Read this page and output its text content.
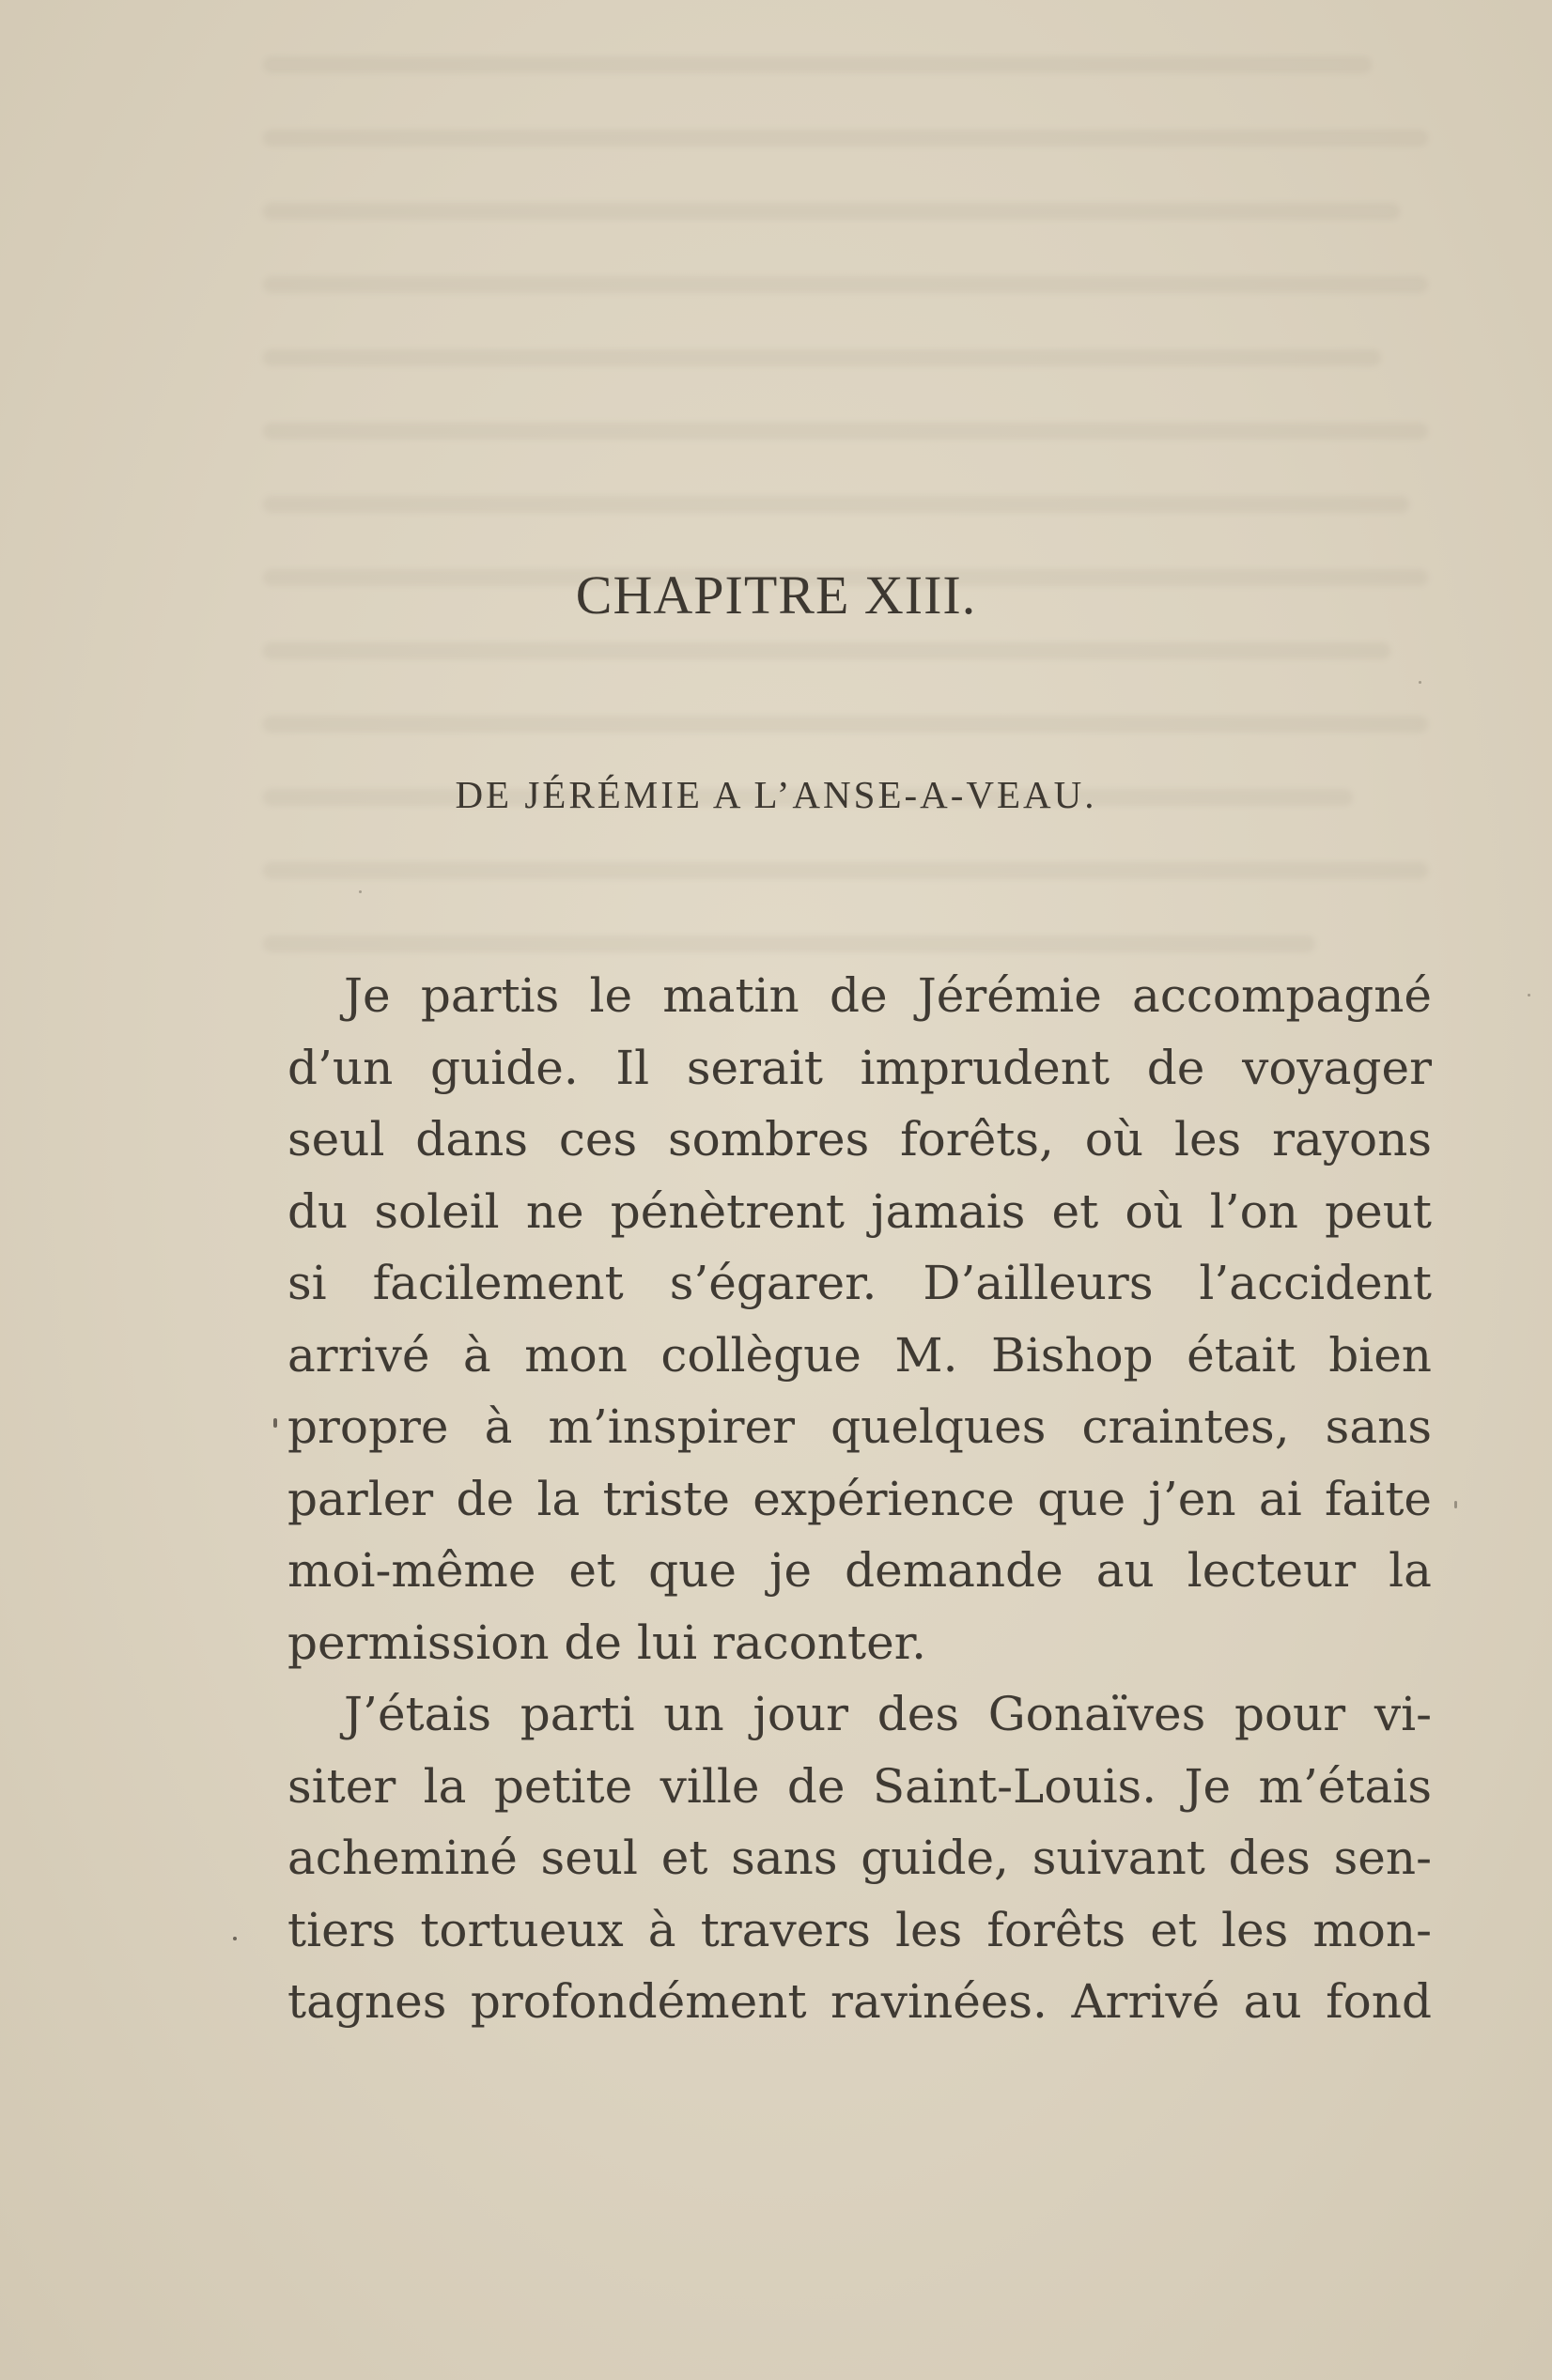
CHAPITRE XIII.
DE JÉRÉMIE A L’ANSE-A-VEAU.
Je partis le matin de Jérémie accompagné
d’un guide. Il serait imprudent de voyager
seul dans ces sombres forêts, où les rayons
du soleil ne pénètrent jamais et où l’on peut
si facilement s’égarer. D’ailleurs l’accident
arrivé à mon collègue M. Bishop était bien
propre à m’inspirer quelques craintes, sans
parler de la triste expérience que j’en ai faite
moi-même et que je demande au lecteur la
permission de lui raconter.
J’étais parti un jour des Gonaïves pour vi-
siter la petite ville de Saint-Louis. Je m’étais
acheminé seul et sans guide, suivant des sen-
tiers tortueux à travers les forêts et les mon-
tagnes profondément ravinées. Arrivé au fond
